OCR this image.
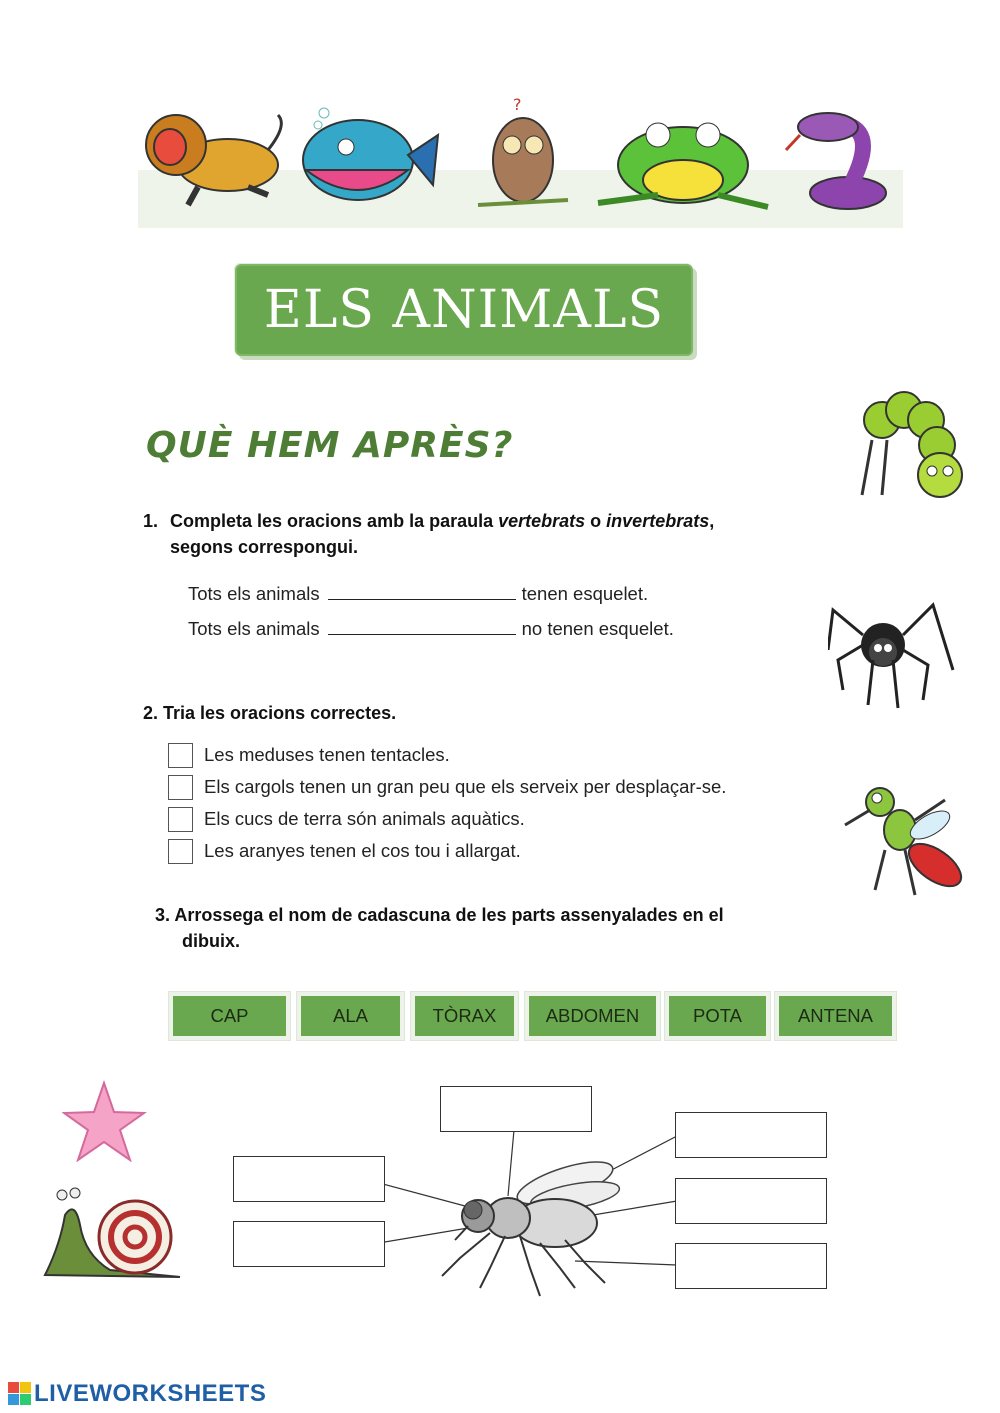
?
ELS ANIMALS
QUÈ HEM APRÈS?
1. Completa les oracions amb la paraula vertebrats o invertebrats,
segons correspongui.
Tots els animals	tenen esquelet.
Tots els animals	no tenen esquelet.
2. Tria les oracions correctes.
Les meduses tenen tentacles.
Els cargols tenen un gran peu que els serveix per desplaçar-se.
Els cucs de terra són animals aquàtics.
Les aranyes tenen el cos tou i allargat.
3. Arrossega el nom de cadascuna de les parts assenyalades en el
dibuix.
CAP	ALA	TÒRAX	ABDOMEN	POTA	ANTENA
LIVEWORKSHEETS
